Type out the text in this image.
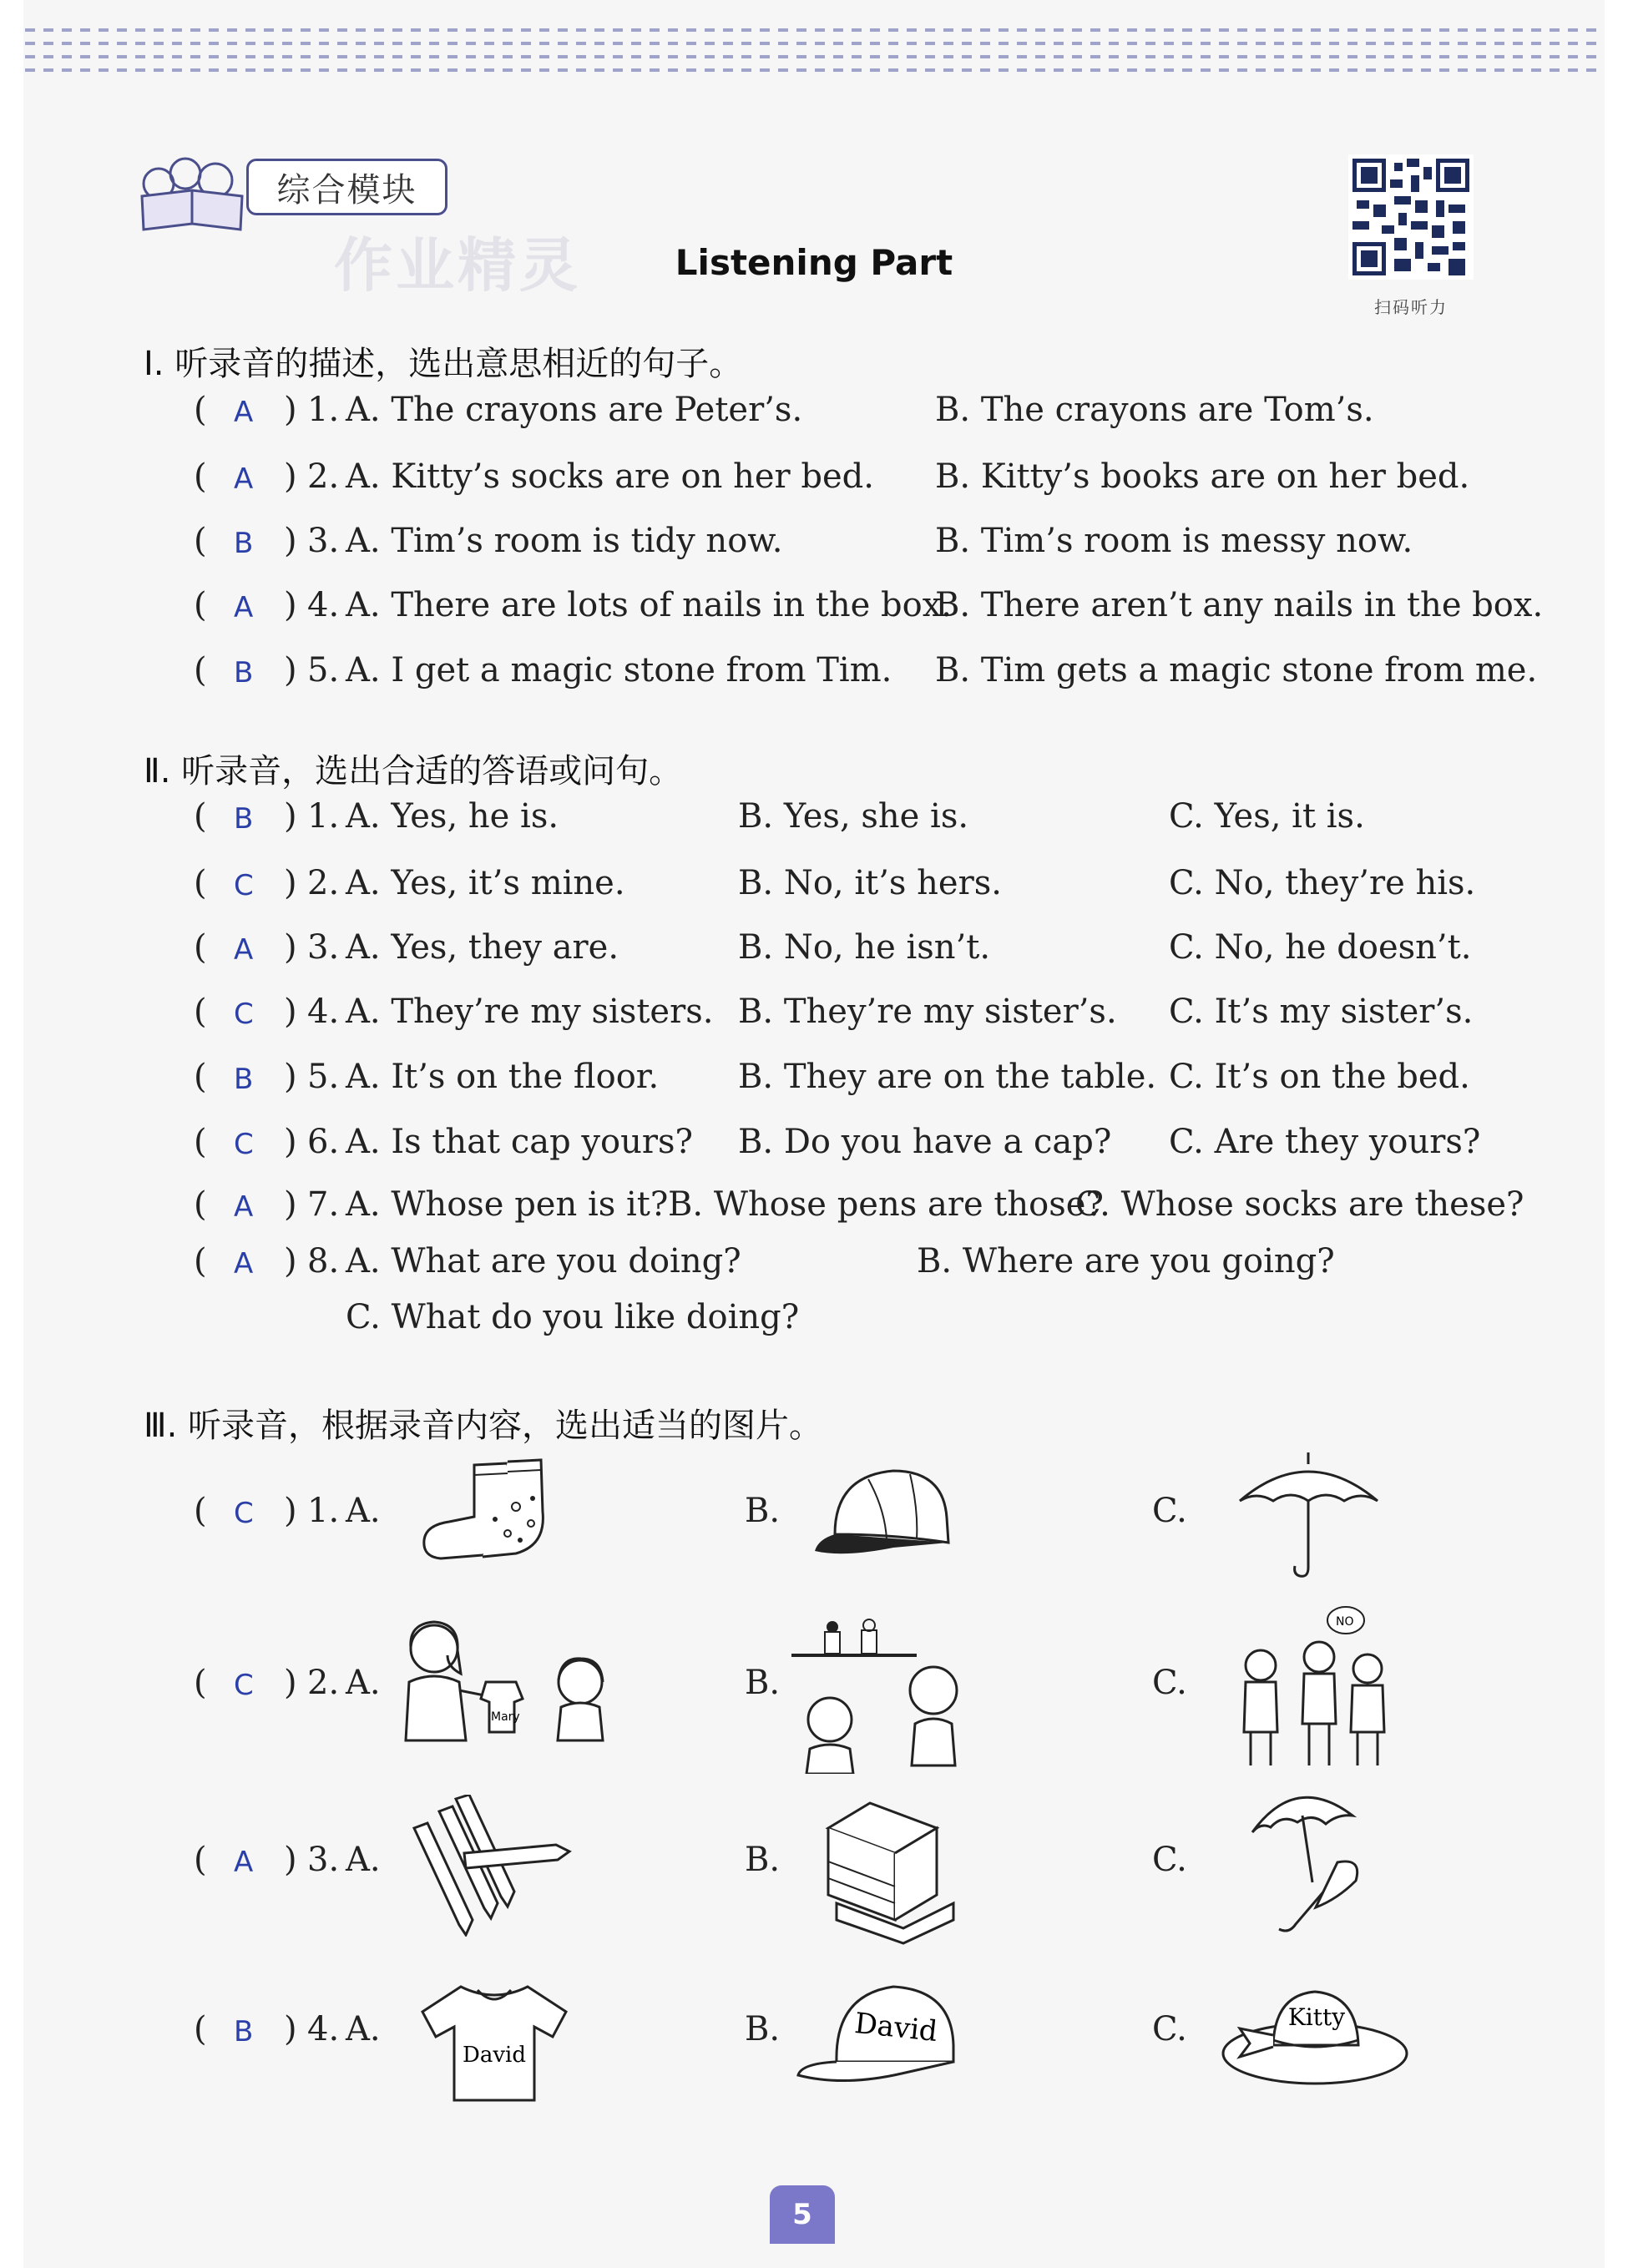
综合模块
作业精灵	Listening Part
扫码听力
Ⅰ. 听录音的描述，选出意思相近的句子。
( A ) 1. A. The crayons are Peter’s.	B. The crayons are Tom’s.
( A ) 2. A. Kitty’s socks are on her bed. B. Kitty’s books are on her bed.
( B ) 3. A. Tim’s room is tidy now.	B. Tim’s room is messy now.
( A ) 4. A. There are lots of nails in the box.
B. There aren’t any nails in the box.
( B ) 5. A. I get a magic stone from Tim. B. Tim gets a magic stone from me.
Ⅱ. 听录音，选出合适的答语或问句。
( B ) 1. A. Yes, he is.	B. Yes, she is.	C. Yes, it is.
( C ) 2. A. Yes, it’s mine.	B. No, it’s hers.	C. No, they’re his.
( A ) 3. A. Yes, they are.	B. No, he isn’t.	C. No, he doesn’t.
( C ) 4. A. They’re my sisters. B. They’re my sister’s. C. It’s my sister’s.
( B ) 5. A. It’s on the floor. B. They are on the table. C. It’s on the bed.
( C ) 6. A. Is that cap yours? B. Do you have a cap? C. Are they yours?
( A ) 7. A. Whose pen is it? B. Whose pens are those?
C. Whose socks are these?
( A ) 8. A. What are you doing?	B. Where are you going?
C. What do you like doing?
Ⅲ. 听录音，根据录音内容，选出适当的图片。
( C ) 1. A.	B.	C.
( C ) 2. A.	B.	C.
( A ) 3. A.	B.	C.
( B ) 4. A.	B.	C.
Mary
NO
David
David	Kitty
5
